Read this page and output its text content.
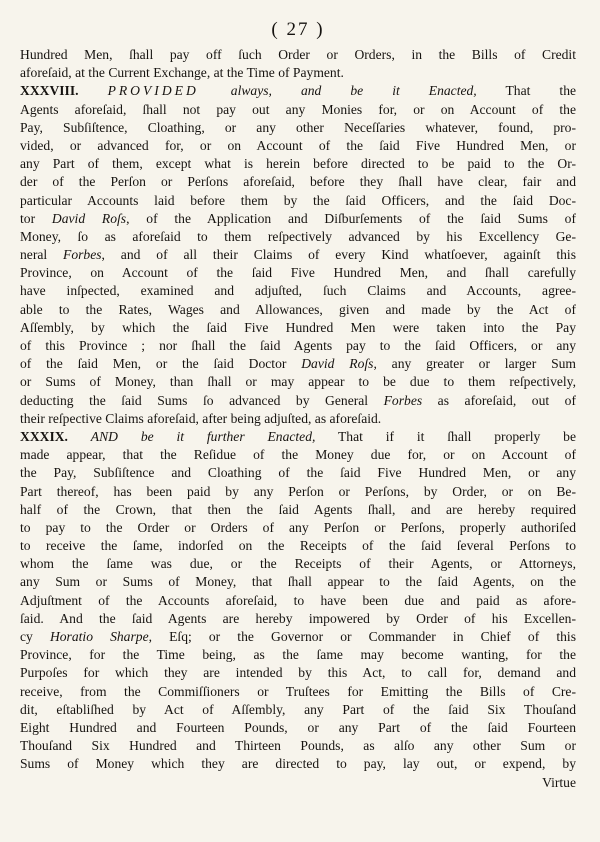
( 27 )
Hundred Men, ſhall pay off ſuch Order or Orders, in the Bills of Credit
aforeſaid, at the Current Exchange, at the Time of Payment.
XXXVIII. PROVIDED always, and be it Enacted, That the
Agents aforeſaid, ſhall not pay out any Monies for, or on Account of the
Pay, Subſiſtence, Cloathing, or any other Neceſſaries whatever, found, pro-
vided, or advanced for, or on Account of the ſaid Five Hundred Men, or
any Part of them, except what is herein before directed to be paid to the Or-
der of the Perſon or Perſons aforeſaid, before they ſhall have clear, fair and
particular Accounts laid before them by the ſaid Officers, and the ſaid Doc-
tor David Roſs, of the Application and Diſburſements of the ſaid Sums of
Money, ſo as aforeſaid to them reſpectively advanced by his Excellency Ge-
neral Forbes, and of all their Claims of every Kind whatſoever, againſt this
Province, on Account of the ſaid Five Hundred Men, and ſhall carefully
have inſpected, examined and adjuſted, ſuch Claims and Accounts, agree-
able to the Rates, Wages and Allowances, given and made by the Act of
Aſſembly, by which the ſaid Five Hundred Men were taken into the Pay
of this Province ; nor ſhall the ſaid Agents pay to the ſaid Officers, or any
of the ſaid Men, or the ſaid Doctor David Roſs, any greater or larger Sum
or Sums of Money, than ſhall or may appear to be due to them reſpectively,
deducting the ſaid Sums ſo advanced by General Forbes as aforeſaid, out of
their reſpective Claims aforeſaid, after being adjuſted, as aforeſaid.
XXXIX. AND be it further Enacted, That if it ſhall properly be
made appear, that the Reſidue of the Money due for, or on Account of
the Pay, Subſiſtence and Cloathing of the ſaid Five Hundred Men, or any
Part thereof, has been paid by any Perſon or Perſons, by Order, or on Be-
half of the Crown, that then the ſaid Agents ſhall, and are hereby required
to pay to the Order or Orders of any Perſon or Perſons, properly authoriſed
to receive the ſame, indorſed on the Receipts of the ſaid ſeveral Perſons to
whom the ſame was due, or the Receipts of their Agents, or Attorneys,
any Sum or Sums of Money, that ſhall appear to the ſaid Agents, on the
Adjuſtment of the Accounts aforeſaid, to have been due and paid as afore-
ſaid. And the ſaid Agents are hereby impowered by Order of his Excellen-
cy Horatio Sharpe, Eſq; or the Governor or Commander in Chief of this
Province, for the Time being, as the ſame may become wanting, for the
Purpoſes for which they are intended by this Act, to call for, demand and
receive, from the Commiſſioners or Truſtees for Emitting the Bills of Cre-
dit, eſtabliſhed by Act of Aſſembly, any Part of the ſaid Six Thouſand
Eight Hundred and Fourteen Pounds, or any Part of the ſaid Fourteen
Thouſand Six Hundred and Thirteen Pounds, as alſo any other Sum or
Sums of Money which they are directed to pay, lay out, or expend, by
Virtue
